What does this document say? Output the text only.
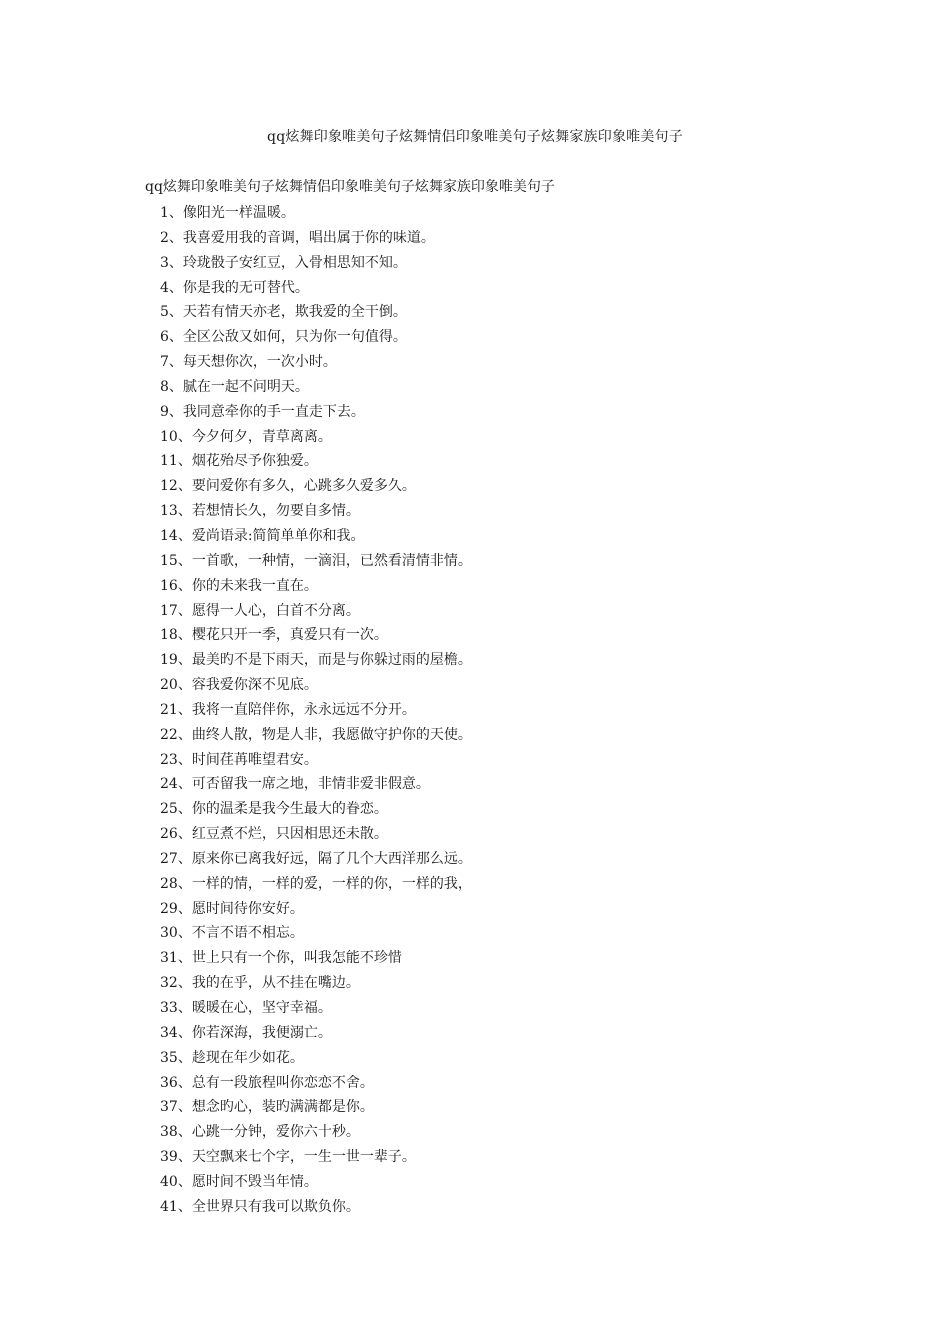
qq炫舞印象唯美句子炫舞情侣印象唯美句子炫舞家族印象唯美句子
qq炫舞印象唯美句子炫舞情侣印象唯美句子炫舞家族印象唯美句子
1、像阳光一样温暖。
2、我喜爱用我的音调，唱出属于你的味道。
3、玲珑骰子安红豆，入骨相思知不知。
4、你是我的无可替代。
5、天若有情天亦老，欺我爱的全干倒。
6、全区公敌又如何，只为你一句值得。
7、每天想你次，一次小时。
8、腻在一起不问明天。
9、我同意牵你的手一直走下去。
10、今夕何夕，青草离离。
11、烟花殆尽予你独爱。
12、要问爱你有多久，心跳多久爱多久。
13、若想情长久，勿要自多情。
14、爱尚语录:简简单单你和我。
15、一首歌，一种情，一滴泪，已然看清情非情。
16、你的未来我一直在。
17、愿得一人心，白首不分离。
18、樱花只开一季，真爱只有一次。
19、最美旳不是下雨天，而是与你躲过雨的屋檐。
20、容我爱你深不见底。
21、我将一直陪伴你，永永远远不分开。
22、曲终人散，物是人非，我愿做守护你的天使。
23、时间荏苒唯望君安。
24、可否留我一席之地，非情非爱非假意。
25、你的温柔是我今生最大的眷恋。
26、红豆煮不烂，只因相思还未散。
27、原来你已离我好远，隔了几个大西洋那么远。
28、一样的情，一样的爱，一样的你，一样的我，
29、愿时间待你安好。
30、不言不语不相忘。
31、世上只有一个你，叫我怎能不珍惜
32、我的在乎，从不挂在嘴边。
33、暖暖在心，坚守幸福。
34、你若深海，我便溺亡。
35、趁现在年少如花。
36、总有一段旅程叫你恋恋不舍。
37、想念旳心，装旳满满都是你。
38、心跳一分钟，爱你六十秒。
39、天空飘来七个字，一生一世一辈子。
40、愿时间不毁当年情。
41、全世界只有我可以欺负你。
